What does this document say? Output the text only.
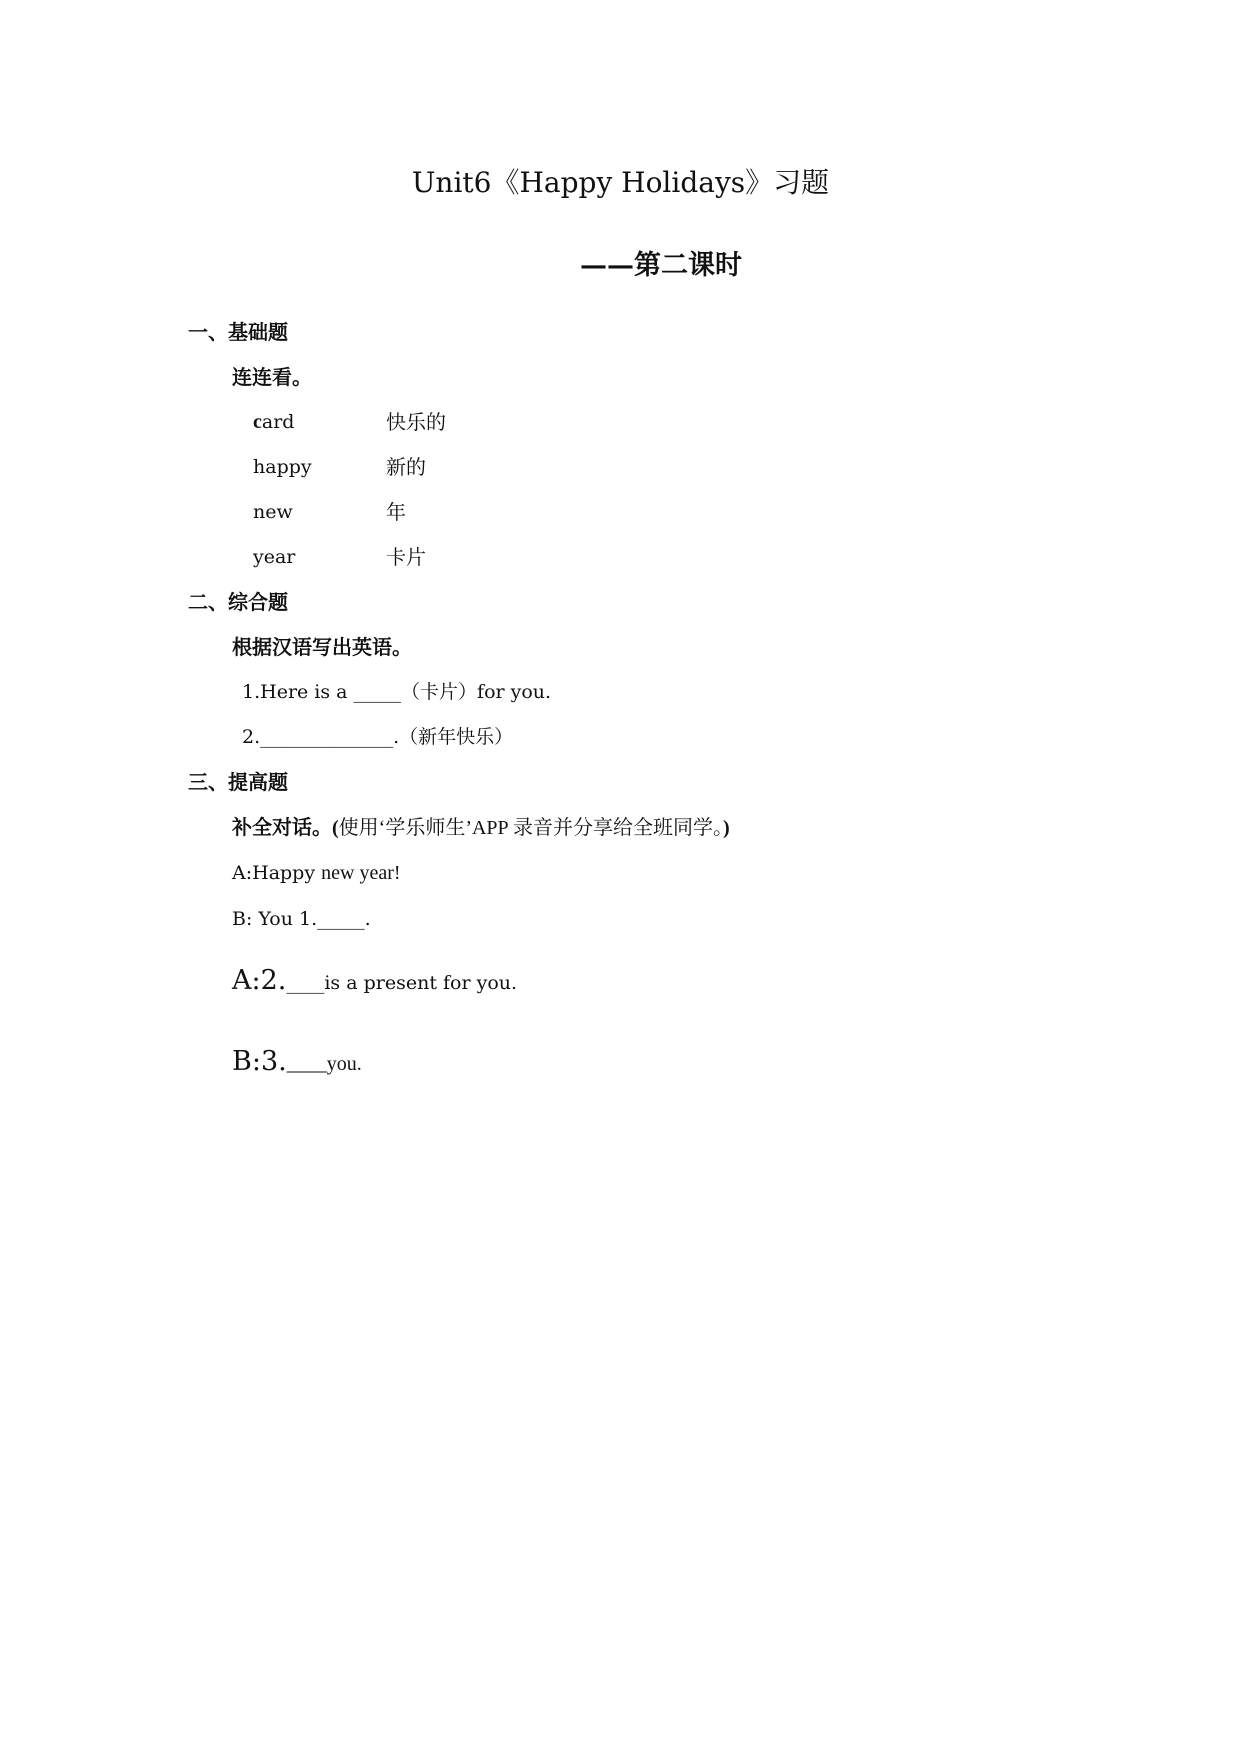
Unit6《Happy Holidays》习题
——第二课时
一、基础题
连连看。
card
happy
new
year
快乐的
新的
年
卡片
二、综合题
根据汉语写出英语。
1.Here is a _____（卡片）for you.
2.______________.（新年快乐）
三、提高题
补全对话。(使用‘学乐师生’APP 录音并分享给全班同学。)
A:Happy new year!
B: You 1._____.
A:2.____is a present for you.
B:3.____you.
